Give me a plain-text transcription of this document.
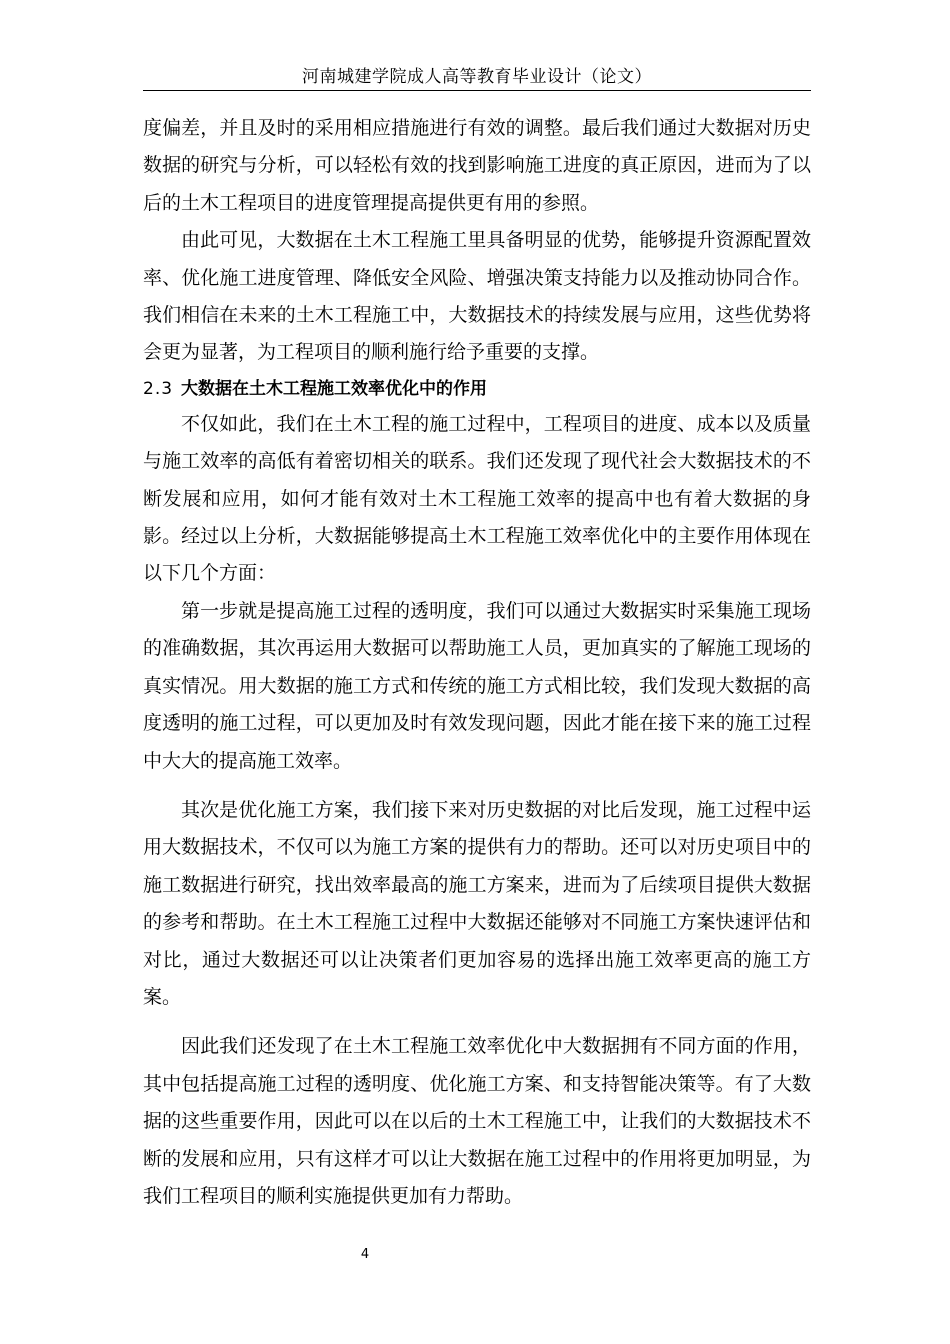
河南城建学院成人高等教育毕业设计（论文）

度偏差，并且及时的采用相应措施进行有效的调整。最后我们通过大数据对历史数据的研究与分析，可以轻松有效的找到影响施工进度的真正原因，进而为了以后的土木工程项目的进度管理提高提供更有用的参照。

由此可见，大数据在土木工程施工里具备明显的优势，能够提升资源配置效率、优化施工进度管理、降低安全风险、增强决策支持能力以及推动协同合作。我们相信在未来的土木工程施工中，大数据技术的持续发展与应用，这些优势将会更为显著，为工程项目的顺利施行给予重要的支撑。

2.3 大数据在土木工程施工效率优化中的作用

不仅如此，我们在土木工程的施工过程中，工程项目的进度、成本以及质量与施工效率的高低有着密切相关的联系。我们还发现了现代社会大数据技术的不断发展和应用，如何才能有效对土木工程施工效率的提高中也有着大数据的身影。经过以上分析，大数据能够提高土木工程施工效率优化中的主要作用体现在以下几个方面：

第一步就是提高施工过程的透明度，我们可以通过大数据实时采集施工现场的准确数据，其次再运用大数据可以帮助施工人员，更加真实的了解施工现场的真实情况。用大数据的施工方式和传统的施工方式相比较，我们发现大数据的高度透明的施工过程，可以更加及时有效发现问题，因此才能在接下来的施工过程中大大的提高施工效率。

其次是优化施工方案，我们接下来对历史数据的对比后发现，施工过程中运用大数据技术，不仅可以为施工方案的提供有力的帮助。还可以对历史项目中的施工数据进行研究，找出效率最高的施工方案来，进而为了后续项目提供大数据的参考和帮助。在土木工程施工过程中大数据还能够对不同施工方案快速评估和对比，通过大数据还可以让决策者们更加容易的选择出施工效率更高的施工方案。

因此我们还发现了在土木工程施工效率优化中大数据拥有不同方面的作用，其中包括提高施工过程的透明度、优化施工方案、和支持智能决策等。有了大数据的这些重要作用，因此可以在以后的土木工程施工中，让我们的大数据技术不断的发展和应用，只有这样才可以让大数据在施工过程中的作用将更加明显，为我们工程项目的顺利实施提供更加有力帮助。

4
